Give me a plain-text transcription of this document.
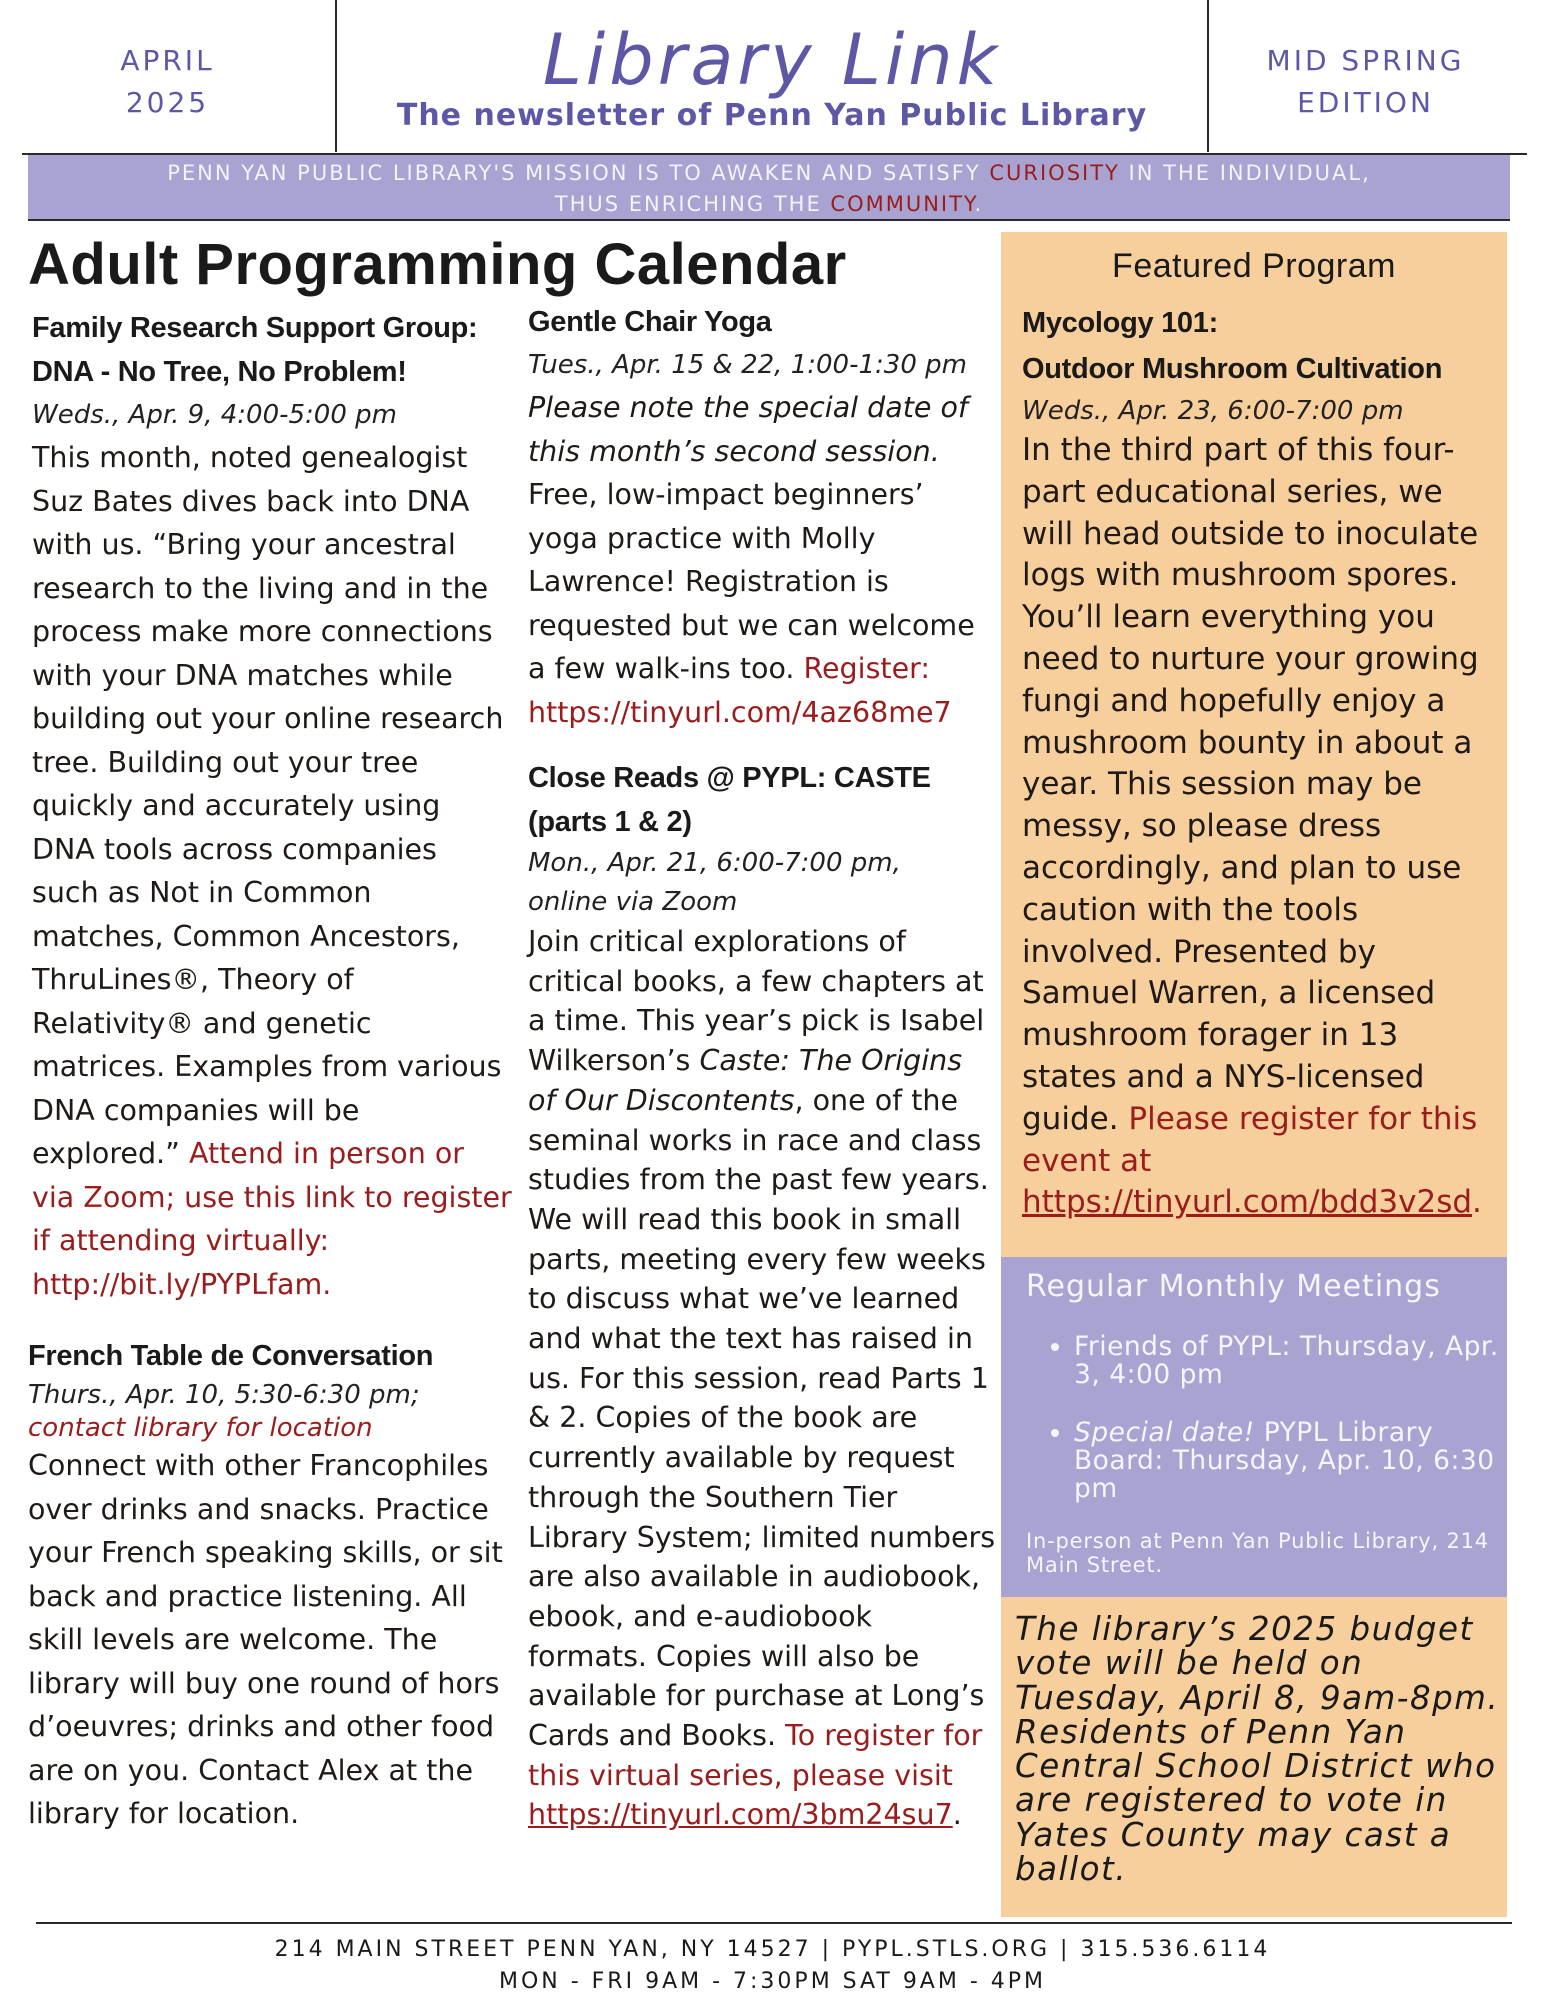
APRIL
2025
Library Link
The newsletter of Penn Yan Public Library
MID SPRING
EDITION
PENN YAN PUBLIC LIBRARY'S MISSION IS TO AWAKEN AND SATISFY CURIOSITY IN THE INDIVIDUAL,
THUS ENRICHING THE COMMUNITY.
Adult Programming Calendar
Family Research Support Group:
DNA - No Tree, No Problem!
Weds., Apr. 9, 4:00-5:00 pm
This month, noted genealogist Suz Bates dives back into DNA with us. “Bring your ancestral research to the living and in the process make more connections with your DNA matches while building out your online research tree. Building out your tree quickly and accurately using DNA tools across companies such as Not in Common matches, Common Ancestors, ThruLines®, Theory of Relativity® and genetic matrices. Examples from various DNA companies will be explored.” Attend in person or via Zoom; use this link to register if attending virtually: http://bit.ly/PYPLfam.
French Table de Conversation
Thurs., Apr. 10, 5:30-6:30 pm;
contact library for location
Connect with other Francophiles over drinks and snacks. Practice your French speaking skills, or sit back and practice listening. All skill levels are welcome. The library will buy one round of hors d’oeuvres; drinks and other food are on you. Contact Alex at the library for location.
Gentle Chair Yoga
Tues., Apr. 15 & 22, 1:00-1:30 pm
Please note the special date of this month’s second session. Free, low-impact beginners’ yoga practice with Molly Lawrence! Registration is requested but we can welcome a few walk-ins too. Register: https://tinyurl.com/4az68me7
Close Reads @ PYPL: CASTE
(parts 1 & 2)
Mon., Apr. 21, 6:00-7:00 pm,
online via Zoom
Join critical explorations of critical books, a few chapters at a time. This year’s pick is Isabel Wilkerson’s Caste: The Origins of Our Discontents, one of the seminal works in race and class studies from the past few years. We will read this book in small parts, meeting every few weeks to discuss what we’ve learned and what the text has raised in us. For this session, read Parts 1 & 2. Copies of the book are currently available by request through the Southern Tier Library System; limited numbers are also available in audiobook, ebook, and e-audiobook formats. Copies will also be available for purchase at Long’s Cards and Books. To register for this virtual series, please visit https://tinyurl.com/3bm24su7.
Featured Program
Mycology 101:
Outdoor Mushroom Cultivation
Weds., Apr. 23, 6:00-7:00 pm
In the third part of this four-part educational series, we will head outside to inoculate logs with mushroom spores. You’ll learn everything you need to nurture your growing fungi and hopefully enjoy a mushroom bounty in about a year. This session may be messy, so please dress accordingly, and plan to use caution with the tools involved. Presented by Samuel Warren, a licensed mushroom forager in 13 states and a NYS-licensed guide. Please register for this event at https://tinyurl.com/bdd3v2sd.
Regular Monthly Meetings
• Friends of PYPL: Thursday, Apr. 3, 4:00 pm
• Special date! PYPL Library Board: Thursday, Apr. 10, 6:30 pm
In-person at Penn Yan Public Library, 214 Main Street.
The library’s 2025 budget vote will be held on Tuesday, April 8, 9am-8pm. Residents of Penn Yan Central School District who are registered to vote in Yates County may cast a ballot.
214 MAIN STREET PENN YAN, NY 14527 | PYPL.STLS.ORG | 315.536.6114
MON - FRI 9AM - 7:30PM SAT 9AM - 4PM
